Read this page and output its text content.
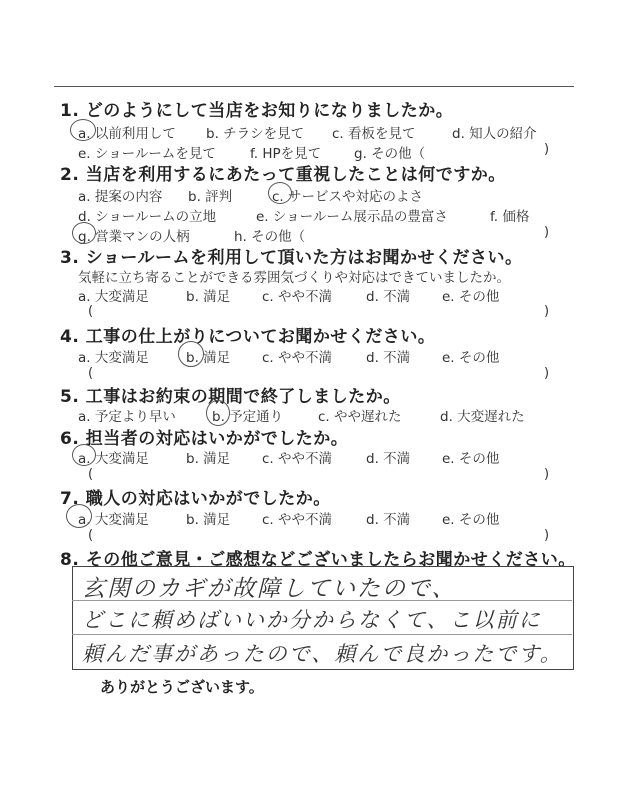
1. どのようにして当店をお知りになりましたか。
a. 以前利用して b. チラシを見て c. 看板を見て	d. 知人の紹介
e. ショールームを見て	f. HPを見て g. その他（	)
2. 当店を利用するにあたって重視したことは何ですか。
a. 提案の内容 b. 評判	c. サービスや対応のよさ
d. ショールームの立地	e. ショールーム展示品の豊富さ	f. 価格
g. 営業マンの人柄	h. その他（	)
3. ショールームを利用して頂いた方はお聞かせください。
気軽に立ち寄ることができる雰囲気づくりや対応はできていましたか。
a. 大変満足	b. 満足 c. やや不満	d. 不満 e. その他
(	)
4. 工事の仕上がりについてお聞かせください。
a. 大変満足	b. 満足 c. やや不満	d. 不満 e. その他
(	)
5. 工事はお約束の期間で終了しましたか。
a. 予定より早い	b. 予定通り	c. やや遅れた	d. 大変遅れた
6. 担当者の対応はいかがでしたか。
a. 大変満足	b. 満足 c. やや不満	d. 不満 e. その他
(	)
7. 職人の対応はいかがでしたか。
a. 大変満足	b. 満足 c. やや不満	d. 不満 e. その他
(	)
8. その他ご意見・ご感想などございましたらお聞かせください。
玄関のカギが故障していたので、
どこに頼めばいいか分からなくて、こ以前に
頼んだ事があったので、頼んで良かったです。
ありがとうございます。
